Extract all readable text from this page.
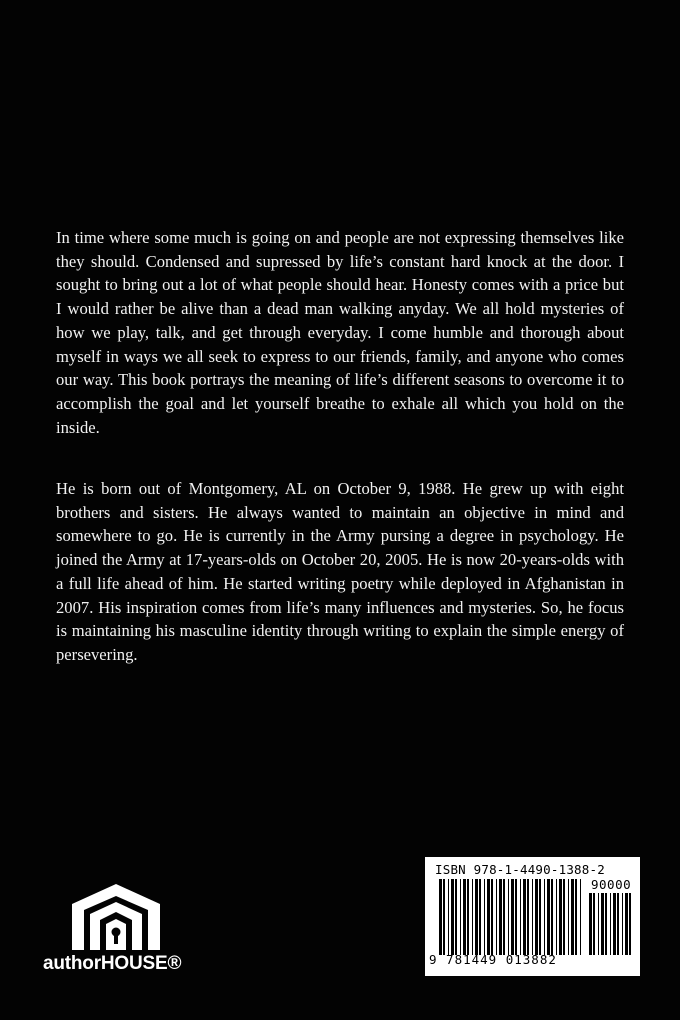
In time where some much is going on and people are not expressing themselves like they should. Condensed and supressed by life’s constant hard knock at the door. I sought to bring out a lot of what people should hear. Honesty comes with a price but I would rather be alive than a dead man walking anyday. We all hold mysteries of how we play, talk, and get through everyday. I come humble and thorough about myself in ways we all seek to express to our friends, family, and anyone who comes our way. This book portrays the meaning of life’s different seasons to overcome it to accomplish the goal and let yourself breathe to exhale all which you hold on the inside.

He is born out of Montgomery, AL on October 9, 1988. He grew up with eight brothers and sisters. He always wanted to maintain an objective in mind and somewhere to go. He is currently in the Army pursing a degree in psychology. He joined the Army at 17-years-olds on October 20, 2005. He is now 20-years-olds with a full life ahead of him. He started writing poetry while deployed in Afghanistan in 2007. His inspiration comes from life’s many influences and mysteries. So, he focus is maintaining his masculine identity through writing to explain the simple energy of persevering.

authorHOUSE®
ISBN 978-1-4490-1388-2
90000
9 781449 013882
